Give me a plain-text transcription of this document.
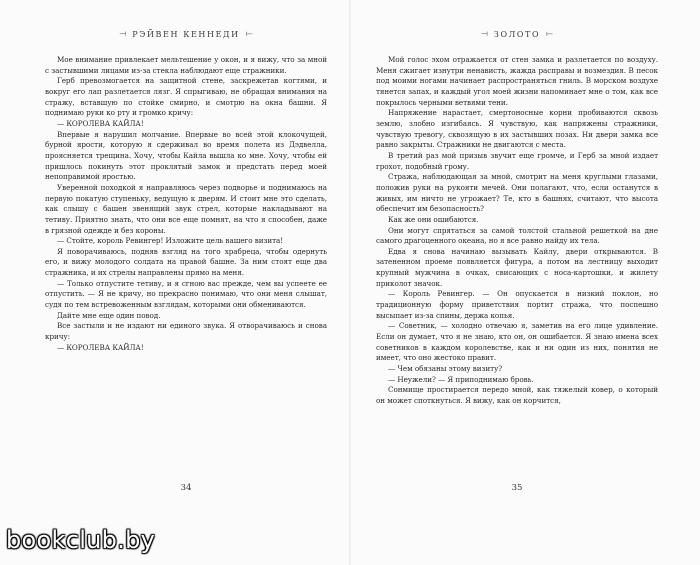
⟞ РЭЙВЕН КЕННЕДИ ⟝

Мое внимание привлекает мельтешение у окон, и я вижу, что за мной с застывшими лицами из-за стекла наблюдают еще стражники.

Герб превозмогается на защитной стене, заскрежетав когтями, и вокруг его лап разлетается лязг. Я спрыгиваю, не обращая внимания на стражу, вставшую по стойке смирно, и смотрю на окна башни. Я поднимаю руки ко рту и громко кричу:

— КОРОЛЕВА КАЙЛА!

Впервые я нарушил молчание. Впервые во всей этой клокочущей, бурной ярости, которую я сдерживал во время полета из Дэдвелла, проясняется трещина. Хочу, чтобы Кайла вышла ко мне. Хочу, чтобы ей пришлось покинуть этот проклятый замок и предстать перед моей непоправимой яростью.

Уверенной походкой я направляюсь через подворье и поднимаюсь на первую покатую ступеньку, ведущую к дверям. И стоит мне это сделать, как слышу с башен звенящий звук стрел, которые накладывают на тетиву. Приятно знать, что они все еще помнят, на что я способен, даже в грязной одежде и без короны.

— Стойте, король Ревингер! Изложите цель вашего визита!

Я поворачиваюсь, подняв взгляд на того храбреца, чтобы одернуть его, и вижу молодого солдата на правой башне. За ним стоят еще два стражника, и их стрелы направлены прямо на меня.

— Только отпустите тетиву, и я сгною вас прежде, чем вы успеете ее отпустить. — Я не кричу, но прекрасно понимаю, что они меня слышат, судя по тем встревоженным взглядам, которыми они обмениваются.

Дайте мне еще один повод.

Все застыли и не издают ни единого звука. Я отворачиваюсь и снова кричу:

— КОРОЛЕВА КАЙЛА!

34
⟞ ЗОЛОТО ⟝

Мой голос эхом отражается от стен замка и разлетается по воздуху. Меня сжигает изнутри ненависть, жажда расправы и возмездия. В песок под моими ногами начинает распространяться гниль. В морском воздухе тянется запах, и каждый угол моей жизни напоминает мне о том, как все покрылось черными ветвями тени.

Напряжение нарастает, смертоносные корни пробиваются сквозь землю, злобно изгибаясь. Я чувствую, как напряжены стражники, чувствую тревогу, сквозящую в их застывших позах. Ни двери замка все равно закрыты. Стражники не двигаются с места.

В третий раз мой призыв звучит еще громче, и Герб за мной издает грохот, подобный грому.

Стража, наблюдающая за мной, смотрит на меня круглыми глазами, положив руки на рукояти мечей. Они полагают, что, если останутся в живых, им ничто не угрожает? Те, кто в башнях, считают, что высота обеспечит им безопасность?

Как же они ошибаются.

Они могут спрятаться за самой толстой стальной решеткой на дне самого драгоценного океана, но я все равно найду их тела.

Едва я снова начинаю вызывать Кайлу, двери открываются. В затененном проеме появляется фигура, а потом на лестницу выходит крупный мужчина в очках, свисающих с носа-картошки, и жилету приколот значок.

— Король Ревингер. — Он опускается в низкий поклон, но традиционную форму приветствия портит стража, что поспешно высыпает из-за спины, держа копья.

— Советник, — холодно отвечаю я, заметив на его лице удивление. Если он думает, что я не знаю, кто он, он ошибается. Я знаю имена всех советников в каждом королевстве, как и ни один из них, понятия не имеет, что оно жестоко правит.

— Чем обязаны этому визиту?

— Неужели? — Я приподнимаю бровь.

Сонмище простирается передо мной, как тяжелый ковер, о который он может споткнуться. Я вижу, как он корчится,

35
bookclub.by
